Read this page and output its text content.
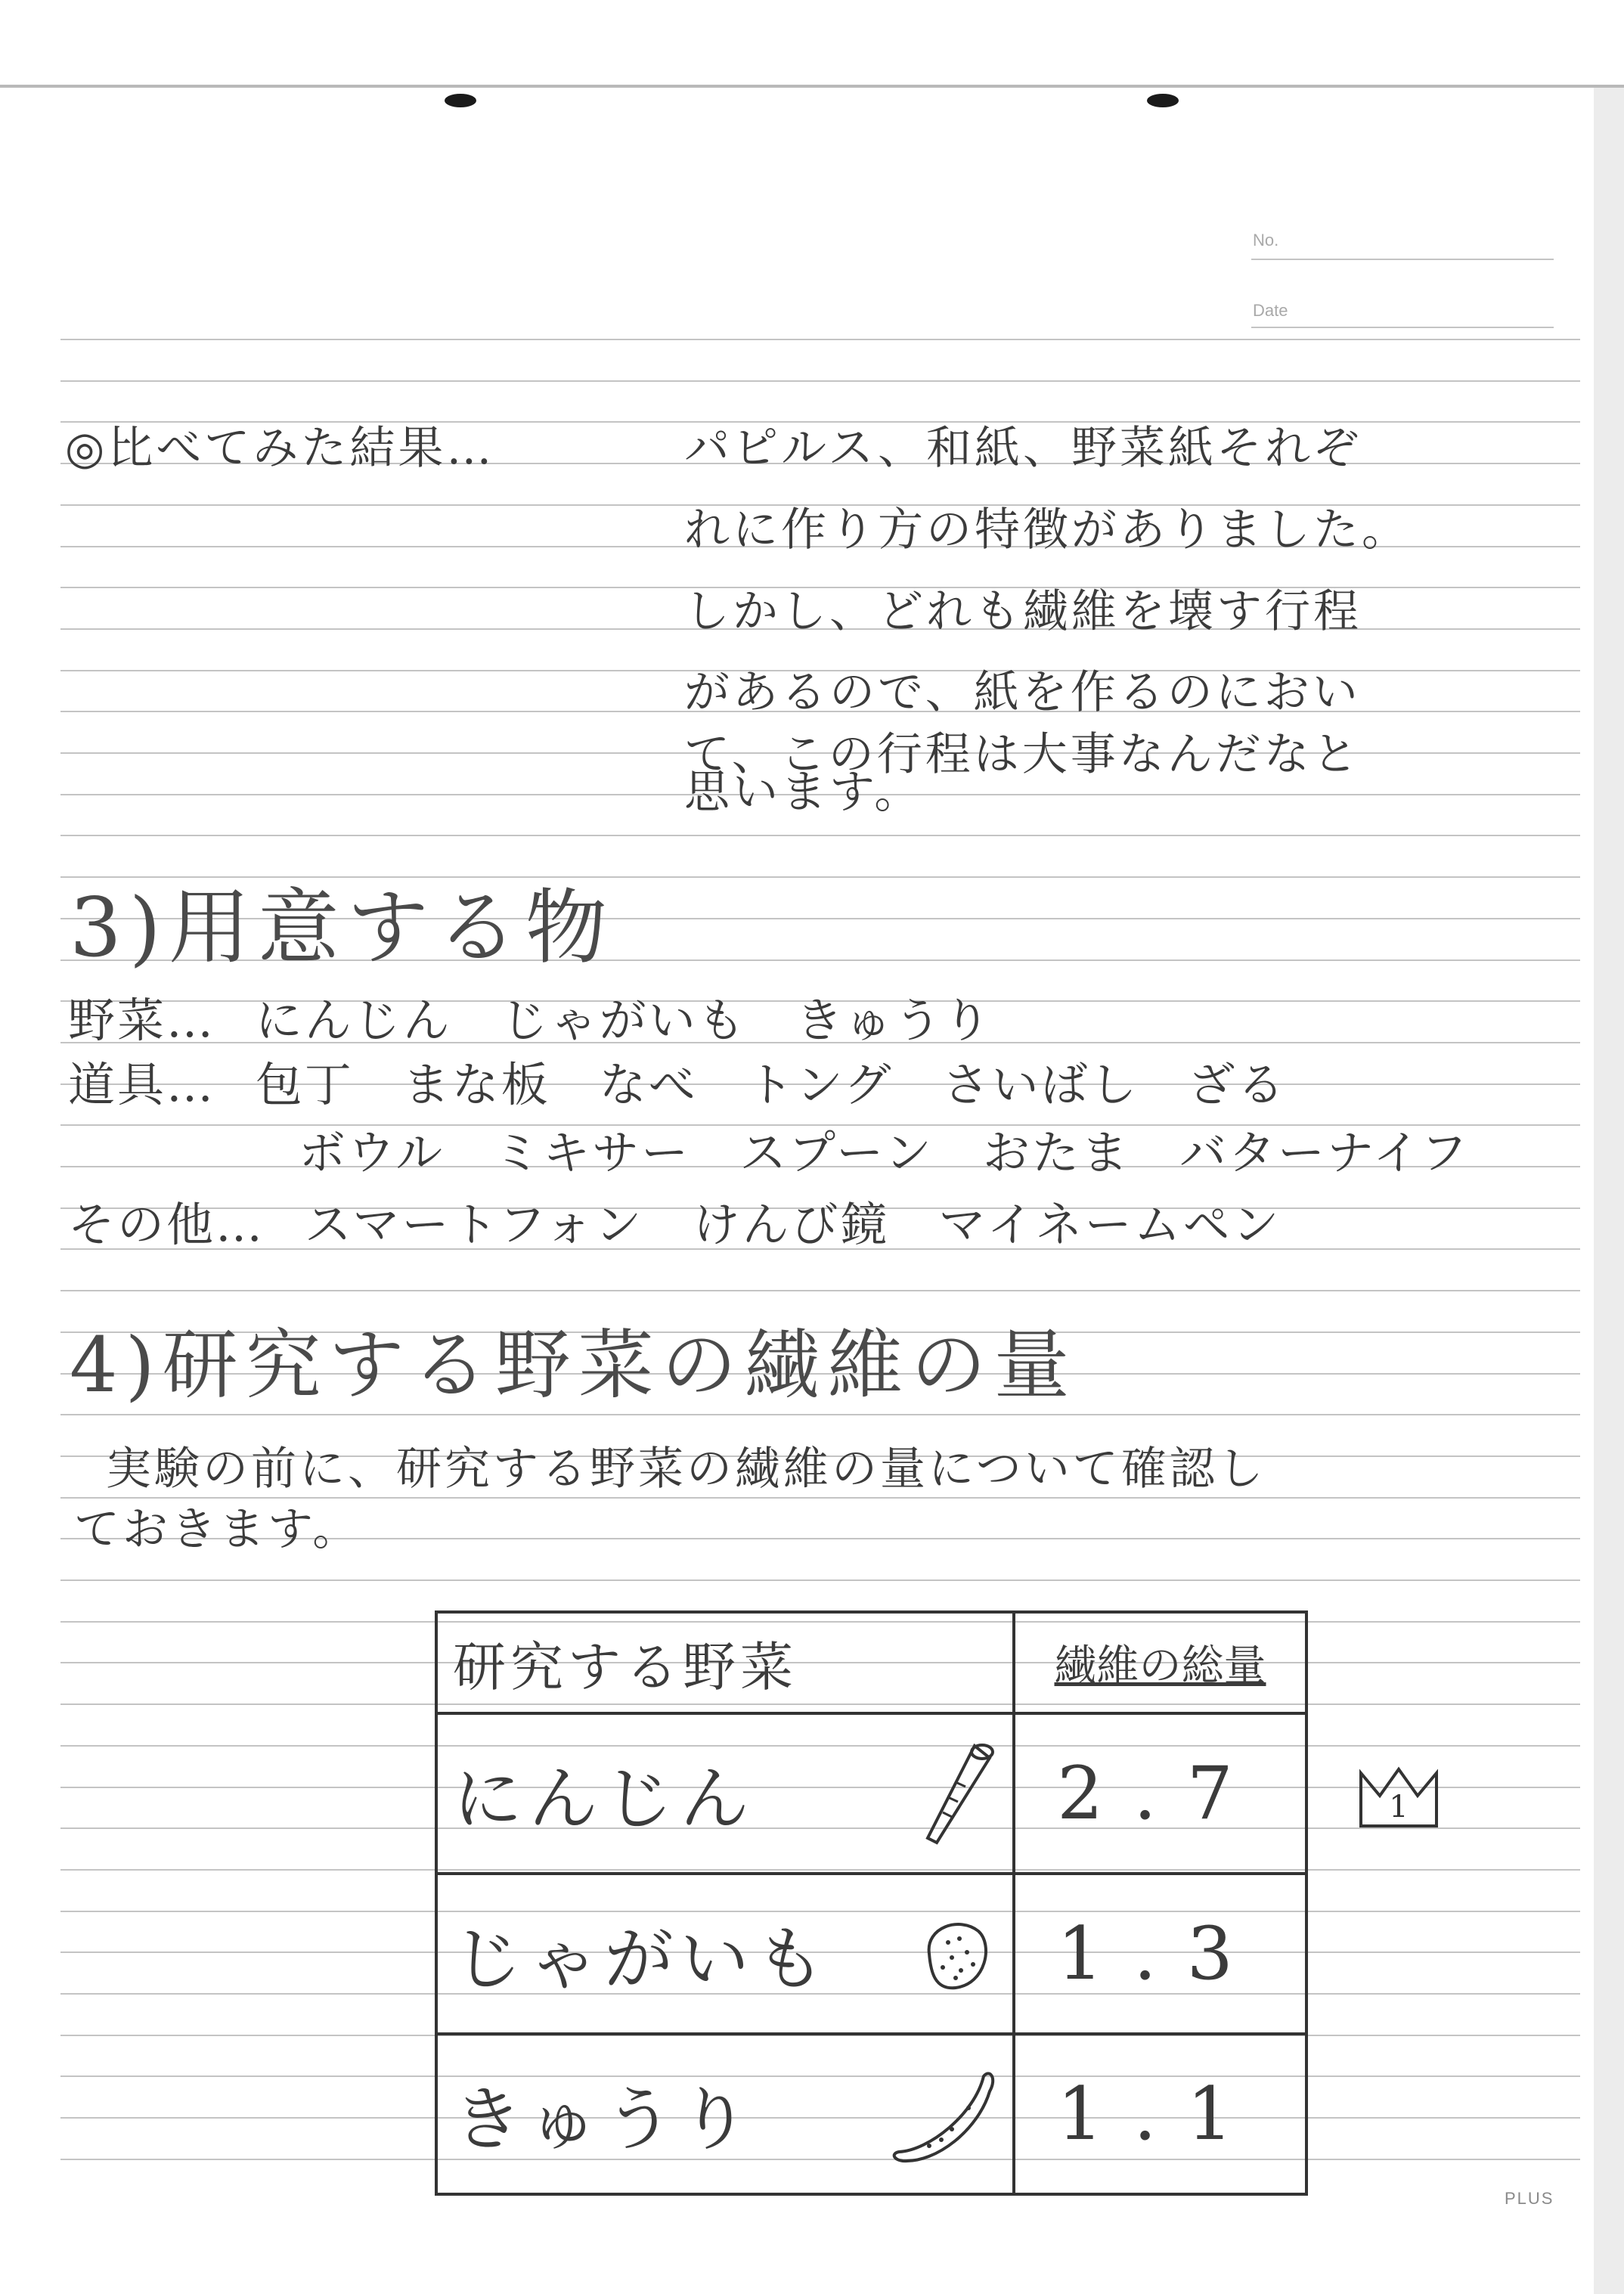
No.
Date
◎比べてみた結果…	パピルス、和紙、野菜紙それぞ
れに作り方の特徴がありました。
しかし、どれも繊維を壊す行程
があるので、紙を作るのにおい
て、この行程は大事なんだなと
思います。
3)用意する物
野菜… にんじん　じゃがいも　きゅうり
道具… 包丁　まな板　なべ　トング　さいばし　ざる
ボウル　ミキサー　スプーン　おたま　バターナイフ
その他… スマートフォン　けんび鏡　マイネームペン
4)研究する野菜の繊維の量
実験の前に、研究する野菜の繊維の量について確認し
ておきます。
研究する野菜	繊維の総量

にんじん	2.7

じゃがいも	1.3

きゅうり	1.1
1
PLUS
